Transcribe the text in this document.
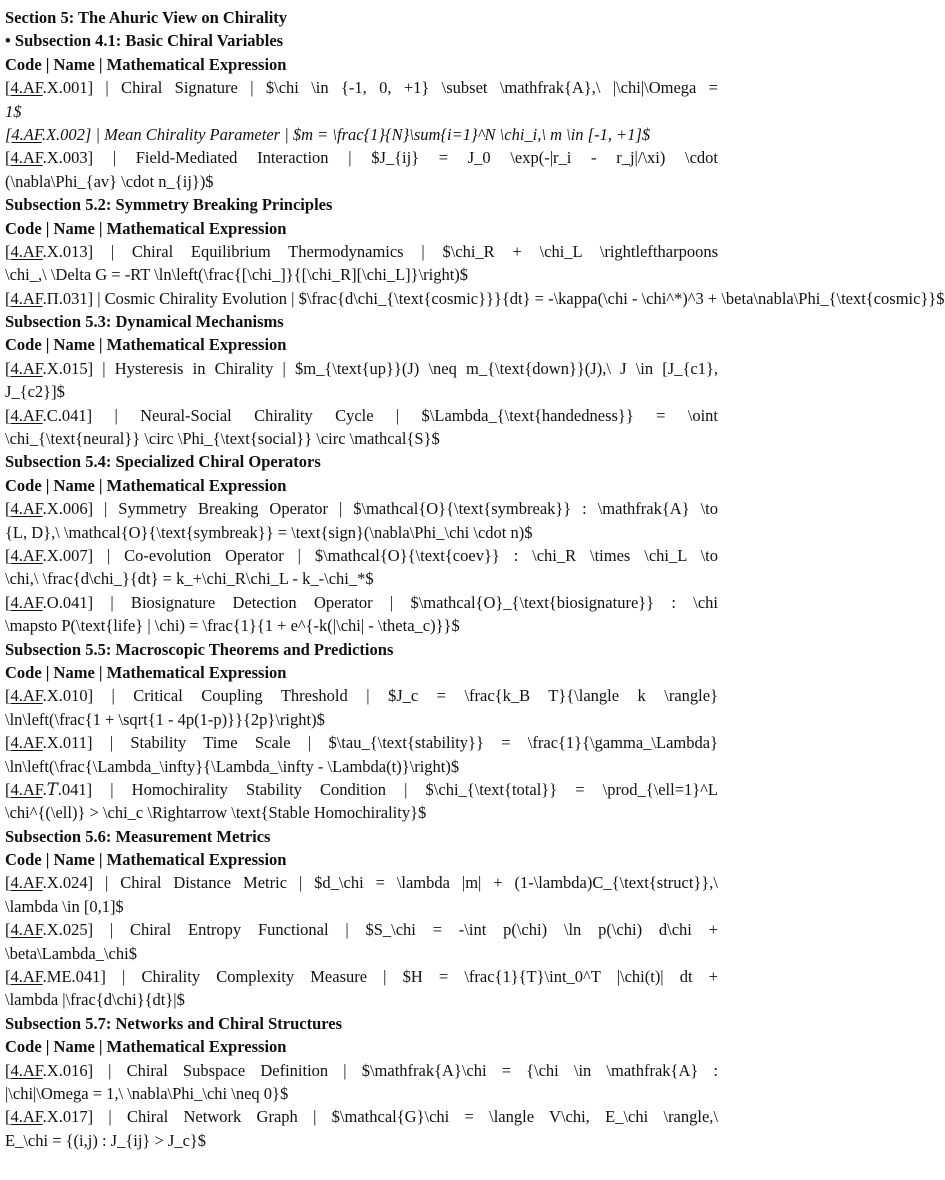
Section 5: The Ahuric View on Chirality
• Subsection 4.1: Basic Chiral Variables
Code | Name | Mathematical Expression
[4.AF.X.001] | Chiral Signature | $\chi \in {-1, 0, +1} \subset \mathfrak{A},\ |\chi|\Omega =
1$
[4.AF.X.002] | Mean Chirality Parameter | $m = \frac{1}{N}\sum{i=1}^N \chi_i,\ m \in [-1, +1]$
[4.AF.X.003] | Field-Mediated Interaction | $J_{ij} = J_0 \exp(-|r_i - r_j|/\xi) \cdot
(\nabla\Phi_{av} \cdot n_{ij})$
Subsection 5.2: Symmetry Breaking Principles
Code | Name | Mathematical Expression
[4.AF.X.013] | Chiral Equilibrium Thermodynamics | $\chi_R + \chi_L \rightleftharpoons
\chi_,\ \Delta G = -RT \ln\left(\frac{[\chi_]}{[\chi_R][\chi_L]}\right)$
[4.AF.П.031] | Cosmic Chirality Evolution | $\frac{d\chi_{\text{cosmic}}}{dt} = -\kappa(\chi - \chi^*)^3 + \beta\nabla\Phi_{\text{cosmic}}$
Subsection 5.3: Dynamical Mechanisms
Code | Name | Mathematical Expression
[4.AF.X.015] | Hysteresis in Chirality | $m_{\text{up}}(J) \neq m_{\text{down}}(J),\ J \in [J_{c1},
J_{c2}]$
[4.AF.C.041] | Neural-Social Chirality Cycle | $\Lambda_{\text{handedness}} = \oint
\chi_{\text{neural}} \circ \Phi_{\text{social}} \circ \mathcal{S}$
Subsection 5.4: Specialized Chiral Operators
Code | Name | Mathematical Expression
[4.AF.X.006] | Symmetry Breaking Operator | $\mathcal{O}{\text{symbreak}} : \mathfrak{A} \to
{L, D},\ \mathcal{O}{\text{symbreak}} = \text{sign}(\nabla\Phi_\chi \cdot n)$
[4.AF.X.007] | Co-evolution Operator | $\mathcal{O}{\text{coev}} : \chi_R \times \chi_L \to
\chi,\ \frac{d\chi_}{dt} = k_+\chi_R\chi_L - k_-\chi_*$
[4.AF.O.041] | Biosignature Detection Operator | $\mathcal{O}_{\text{biosignature}} : \chi
\mapsto P(\text{life} | \chi) = \frac{1}{1 + e^{-k(|\chi| - \theta_c)}}$
Subsection 5.5: Macroscopic Theorems and Predictions
Code | Name | Mathematical Expression
[4.AF.X.010] | Critical Coupling Threshold | $J_c = \frac{k_B T}{\langle k \rangle}
\ln\left(\frac{1 + \sqrt{1 - 4p(1-p)}}{2p}\right)$
[4.AF.X.011] | Stability Time Scale | $\tau_{\text{stability}} = \frac{1}{\gamma_\Lambda}
\ln\left(\frac{\Lambda_\infty}{\Lambda_\infty - \Lambda(t)}\right)$
[4.AF.𝑇.041] | Homochirality Stability Condition | $\chi_{\text{total}} = \prod_{\ell=1}^L
\chi^{(\ell)} > \chi_c \Rightarrow \text{Stable Homochirality}$
Subsection 5.6: Measurement Metrics
Code | Name | Mathematical Expression
[4.AF.X.024] | Chiral Distance Metric | $d_\chi = \lambda |m| + (1-\lambda)C_{\text{struct}},\
\lambda \in [0,1]$
[4.AF.X.025] | Chiral Entropy Functional | $S_\chi = -\int p(\chi) \ln p(\chi) d\chi +
\beta\Lambda_\chi$
[4.AF.ME.041] | Chirality Complexity Measure | $H = \frac{1}{T}\int_0^T |\chi(t)| dt +
\lambda |\frac{d\chi}{dt}|$
Subsection 5.7: Networks and Chiral Structures
Code | Name | Mathematical Expression
[4.AF.X.016] | Chiral Subspace Definition | $\mathfrak{A}\chi = {\chi \in \mathfrak{A} :
|\chi|\Omega = 1,\ \nabla\Phi_\chi \neq 0}$
[4.AF.X.017] | Chiral Network Graph | $\mathcal{G}\chi = \langle V\chi, E_\chi \rangle,\
E_\chi = {(i,j) : J_{ij} > J_c}$
